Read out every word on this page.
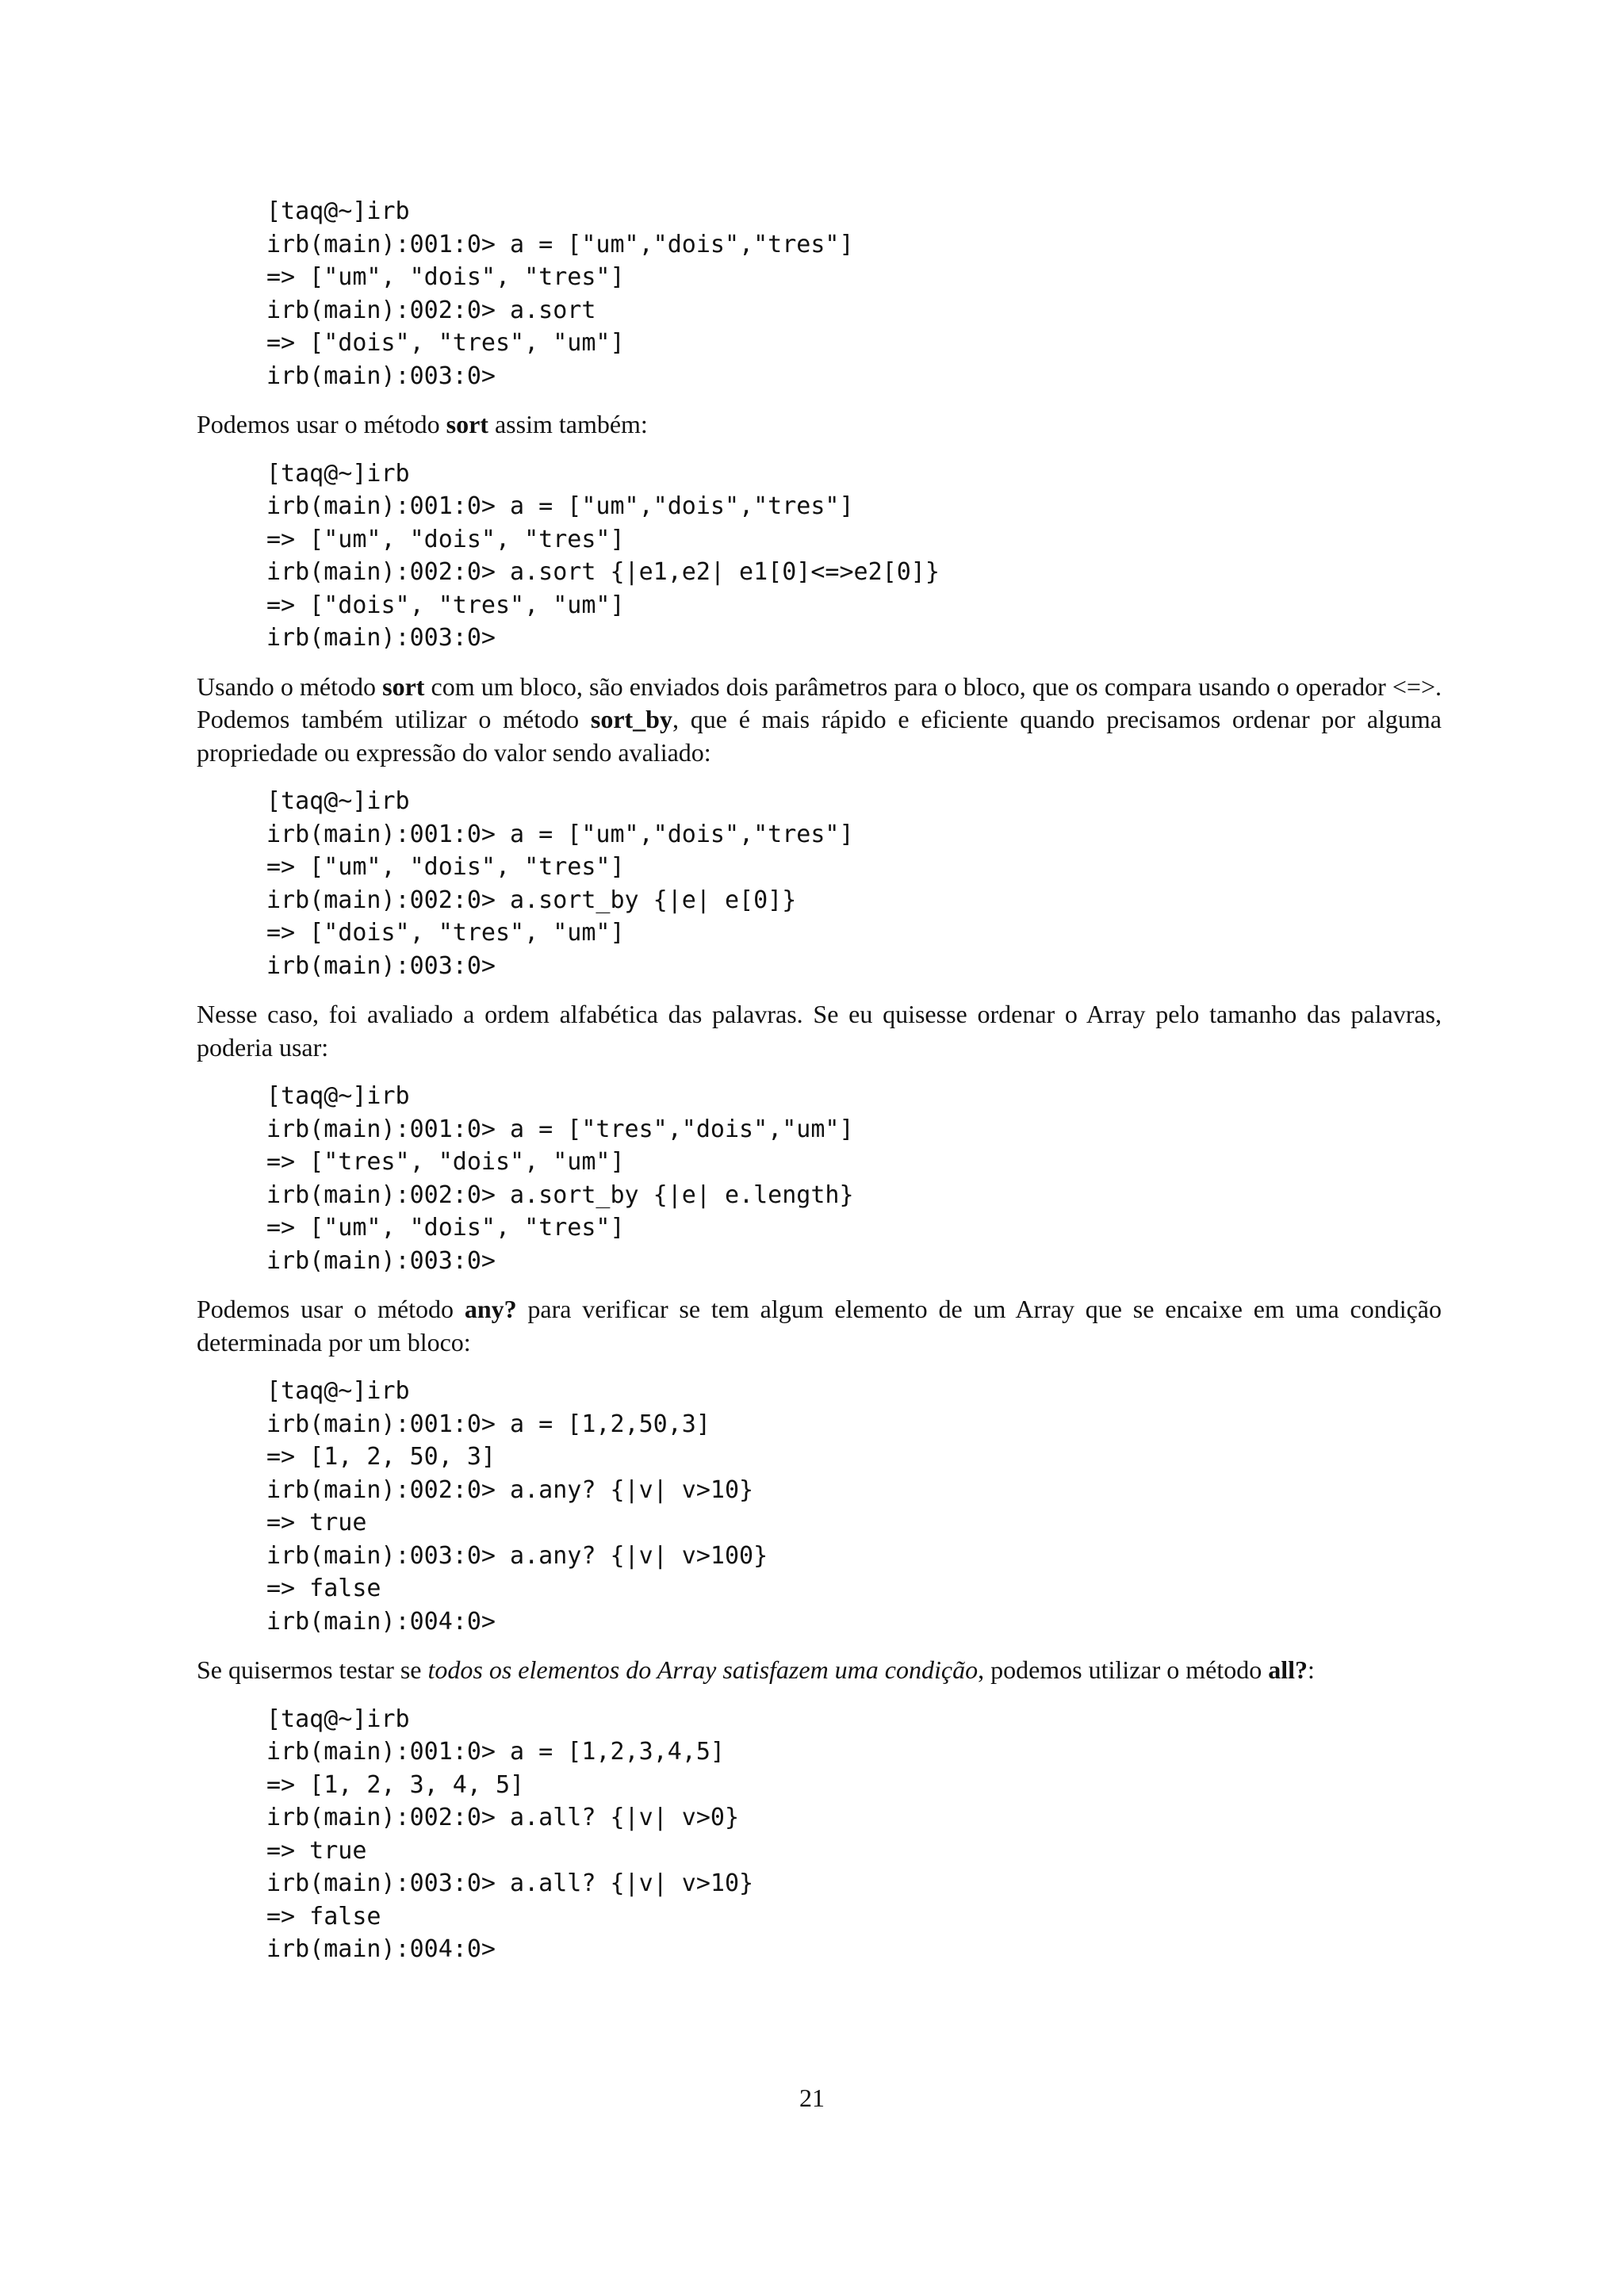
[taq@~]irb
irb(main):001:0> a = ["um","dois","tres"]
=> ["um", "dois", "tres"]
irb(main):002:0> a.sort
=> ["dois", "tres", "um"]
irb(main):003:0>

Podemos usar o método sort assim também:

[taq@~]irb
irb(main):001:0> a = ["um","dois","tres"]
=> ["um", "dois", "tres"]
irb(main):002:0> a.sort {|e1,e2| e1[0]<=>e2[0]}
=> ["dois", "tres", "um"]
irb(main):003:0>

Usando o método sort com um bloco, são enviados dois parâmetros para o bloco, que os compara usando o operador <=>. Podemos também utilizar o método sort_by, que é mais rápido e eficiente quando precisamos ordenar por alguma propriedade ou expressão do valor sendo avaliado:

[taq@~]irb
irb(main):001:0> a = ["um","dois","tres"]
=> ["um", "dois", "tres"]
irb(main):002:0> a.sort_by {|e| e[0]}
=> ["dois", "tres", "um"]
irb(main):003:0>

Nesse caso, foi avaliado a ordem alfabética das palavras. Se eu quisesse ordenar o Array pelo tamanho das palavras, poderia usar:

[taq@~]irb
irb(main):001:0> a = ["tres","dois","um"]
=> ["tres", "dois", "um"]
irb(main):002:0> a.sort_by {|e| e.length}
=> ["um", "dois", "tres"]
irb(main):003:0>

Podemos usar o método any? para verificar se tem algum elemento de um Array que se encaixe em uma condição determinada por um bloco:

[taq@~]irb
irb(main):001:0> a = [1,2,50,3]
=> [1, 2, 50, 3]
irb(main):002:0> a.any? {|v| v>10}
=> true
irb(main):003:0> a.any? {|v| v>100}
=> false
irb(main):004:0>

Se quisermos testar se todos os elementos do Array satisfazem uma condição, podemos utilizar o método all?:

[taq@~]irb
irb(main):001:0> a = [1,2,3,4,5]
=> [1, 2, 3, 4, 5]
irb(main):002:0> a.all? {|v| v>0}
=> true
irb(main):003:0> a.all? {|v| v>10}
=> false
irb(main):004:0>
21
